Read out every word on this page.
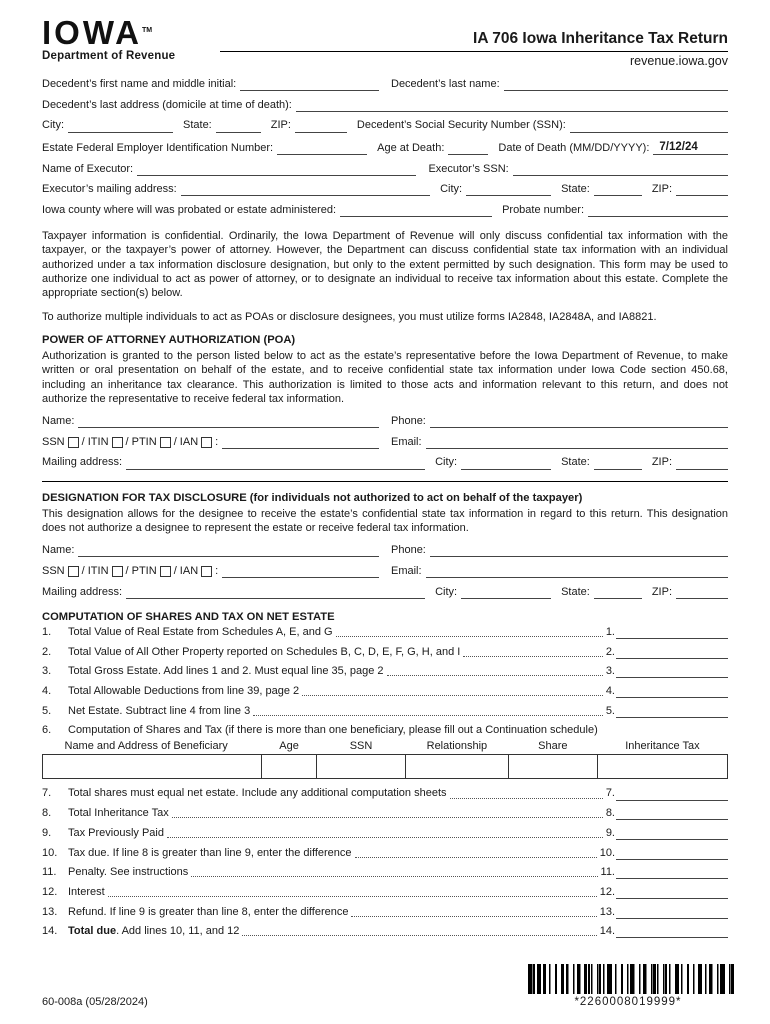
IOWA™
Department of Revenue
IA 706 Iowa Inheritance Tax Return
revenue.iowa.gov
Decedent’s first name and middle initial:	Decedent’s last name:
Decedent’s last address (domicile at time of death):
City:	State:	ZIP:	Decedent’s Social Security Number (SSN):
Estate Federal Employer Identification Number:	Age at Death:	Date of Death (MM/DD/YYYY): 7/12/24
Name of Executor:	Executor’s SSN:
Executor’s mailing address:	City:	State:	ZIP:
Iowa county where will was probated or estate administered:	Probate number:

Taxpayer information is confidential. Ordinarily, the Iowa Department of Revenue will only discuss confidential tax information with the taxpayer, or the taxpayer’s power of attorney. However, the Department can discuss confidential state tax information with an individual authorized under a tax information disclosure designation, but only to the extent permitted by such designation. This form may be used to authorize one individual to act as power of attorney, or to designate an individual to receive tax information about this estate. Complete the appropriate section(s) below.

To authorize multiple individuals to act as POAs or disclosure designees, you must utilize forms IA2848, IA2848A, and IA8821.

POWER OF ATTORNEY AUTHORIZATION (POA)

Authorization is granted to the person listed below to act as the estate’s representative before the Iowa Department of Revenue, to make written or oral presentation on behalf of the estate, and to receive confidential state tax information under Iowa Code section 450.68, including an inheritance tax clearance. This authorization is limited to those acts and information relevant to this return, and does not authorize the representative to receive federal tax information.

Name:	Phone:
SSN / ITIN / PTIN / IAN :	Email:
Mailing address:	City:	State:	ZIP:
DESIGNATION FOR TAX DISCLOSURE (for individuals not authorized to act on behalf of the taxpayer)

This designation allows for the designee to receive the estate’s confidential state tax information in regard to this return. This designation does not authorize a designee to represent the estate or receive federal tax information.

Name:	Phone:
SSN / ITIN / PTIN / IAN :	Email:
Mailing address:	City:	State:	ZIP:
COMPUTATION OF SHARES AND TAX ON NET ESTATE
1.	Total Value of Real Estate from Schedules A, E, and G	1.
2.	Total Value of All Other Property reported on Schedules B, C, D, E, F, G, H, and I	2.
3.	Total Gross Estate. Add lines 1 and 2. Must equal line 35, page 2	3.
4.	Total Allowable Deductions from line 39, page 2	4.
5.	Net Estate. Subtract line 4 from line 3	5.
6.	Computation of Shares and Tax (if there is more than one beneficiary, please fill out a Continuation schedule)
Name and Address of Beneficiary	Age	SSN	Relationship	Share	Inheritance Tax

7.	Total shares must equal net estate. Include any additional computation sheets	7.
8.	Total Inheritance Tax	8.
9.	Tax Previously Paid	9.
10. Tax due. If line 8 is greater than line 9, enter the difference	10.
11.	Penalty. See instructions	11.
12. Interest	12.
13. Refund. If line 9 is greater than line 8, enter the difference	13.
14. Total due. Add lines 10, 11, and 12	14.
60-008a (05/28/2024)	*2260008019999*
